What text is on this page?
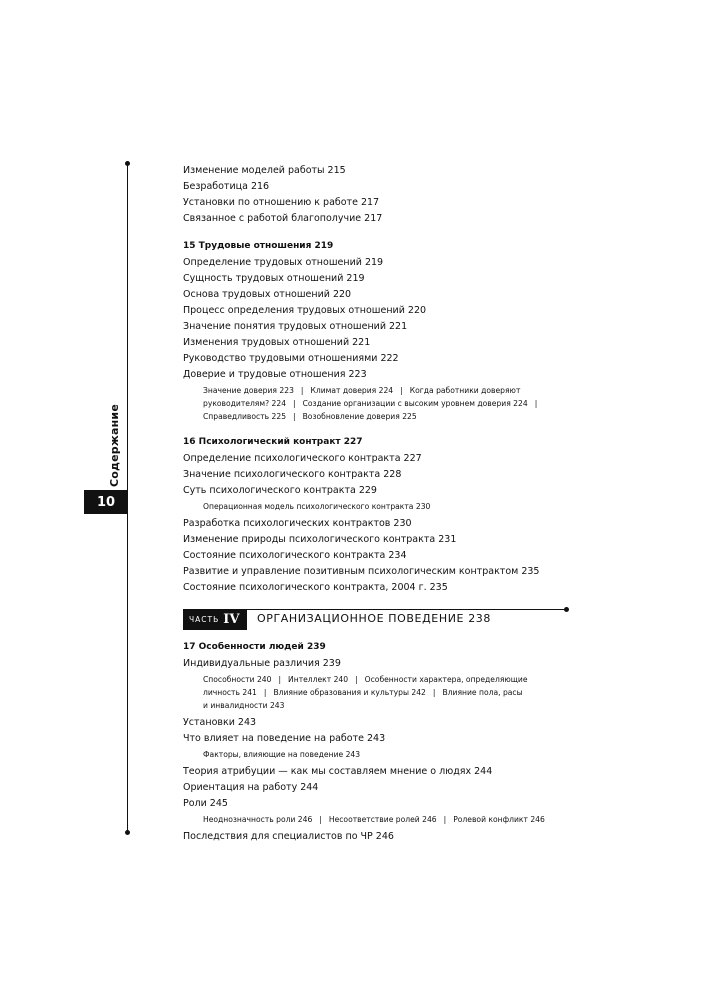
Содержание
10
Изменение моделей работы 215
Безработица 216
Установки по отношению к работе 217
Связанное с работой благополучие 217
15 Трудовые отношения 219
Определение трудовых отношений 219
Сущность трудовых отношений 219
Основа трудовых отношений 220
Процесс определения трудовых отношений 220
Значение понятия трудовых отношений 221
Изменения трудовых отношений 221
Руководство трудовыми отношениями 222
Доверие и трудовые отношения 223
Значение доверия 223 | Климат доверия 224 | Когда работники доверяют
руководителям? 224 | Создание организации с высоким уровнем доверия 224 |
Справедливость 225 | Возобновление доверия 225
16 Психологический контракт 227
Определение психологического контракта 227
Значение психологического контракта 228
Суть психологического контракта 229
Операционная модель психологического контракта 230
Разработка психологических контрактов 230
Изменение природы психологического контракта 231
Состояние психологического контракта 234
Развитие и управление позитивным психологическим контрактом 235
Состояние психологического контракта, 2004 г. 235
ЧАСТЬ IV ОРГАНИЗАЦИОННОЕ ПОВЕДЕНИЕ 238
17 Особенности людей 239
Индивидуальные различия 239
Способности 240 | Интеллект 240 | Особенности характера, определяющие
личность 241 | Влияние образования и культуры 242 | Влияние пола, расы
и инвалидности 243
Установки 243
Что влияет на поведение на работе 243
Факторы, влияющие на поведение 243
Теория атрибуции — как мы составляем мнение о людях 244
Ориентация на работу 244
Роли 245
Неоднозначность роли 246 | Несоответствие ролей 246 | Ролевой конфликт 246
Последствия для специалистов по ЧР 246
